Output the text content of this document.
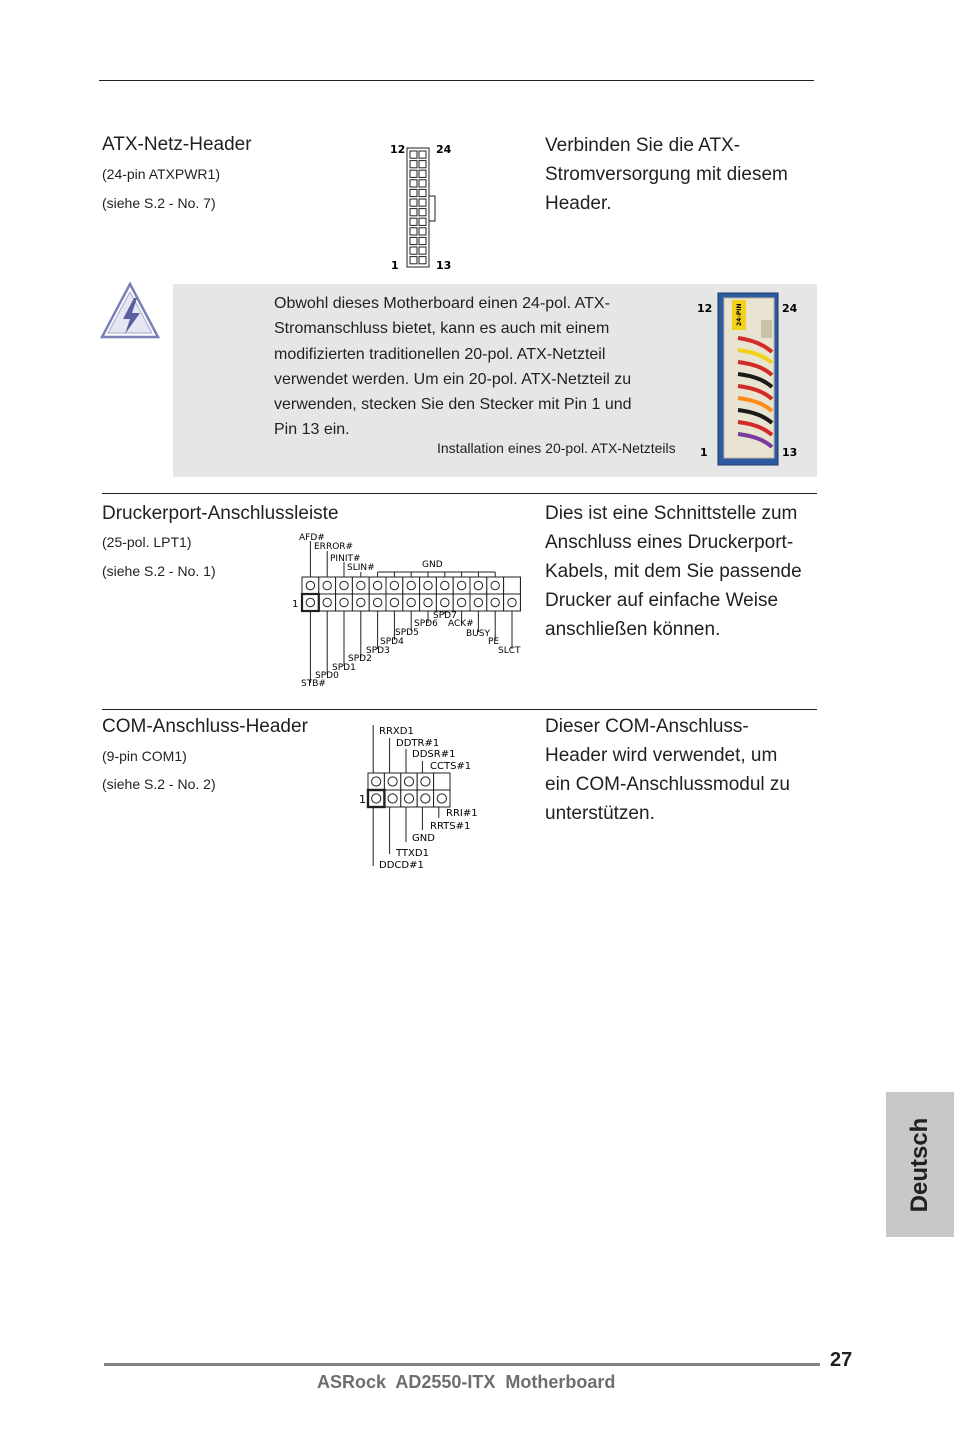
ATX-Netz-Header
(24-pin ATXPWR1)
(siehe S.2 - No. 7)
12	24
1	13
Verbinden Sie die ATX-
Stromversorgung mit diesem
Header.
Obwohl dieses Motherboard einen 24-pol. ATX-
Stromanschluss bietet, kann es auch mit einem
modifizierten traditionellen 20-pol. ATX-Netzteil
verwendet werden. Um ein 20-pol. ATX-Netzteil zu
verwenden, stecken Sie den Stecker mit Pin 1 und
Pin 13 ein.
Installation eines 20-pol. ATX-Netzteils
12	24
24-PIN
1	13
Druckerport-Anschlussleiste
(25-pol. LPT1)
(siehe S.2 - No. 1)
AFD#
ERROR#
PINIT#
SLIN#	GND
1
SPD7
SPD6 ACK#
SPD5	BUSY
SPD4	PE
SPD3	SLCT
SPD2
SPD1
SPD0
STB#
Dies ist eine Schnittstelle zum
Anschluss eines Druckerport-
Kabels, mit dem Sie passende
Drucker auf einfache Weise
anschließen können.
COM-Anschluss-Header
(9-pin COM1)
(siehe S.2 - No. 2)
RRXD1
DDTR#1
DDSR#1
CCTS#1
1
RRI#1
RRTS#1
GND
TTXD1
DDCD#1
Dieser COM-Anschluss-
Header wird verwendet, um
ein COM-Anschlussmodul zu
unterstützen.
Deutsch
27
ASRock  AD2550-ITX  Motherboard
